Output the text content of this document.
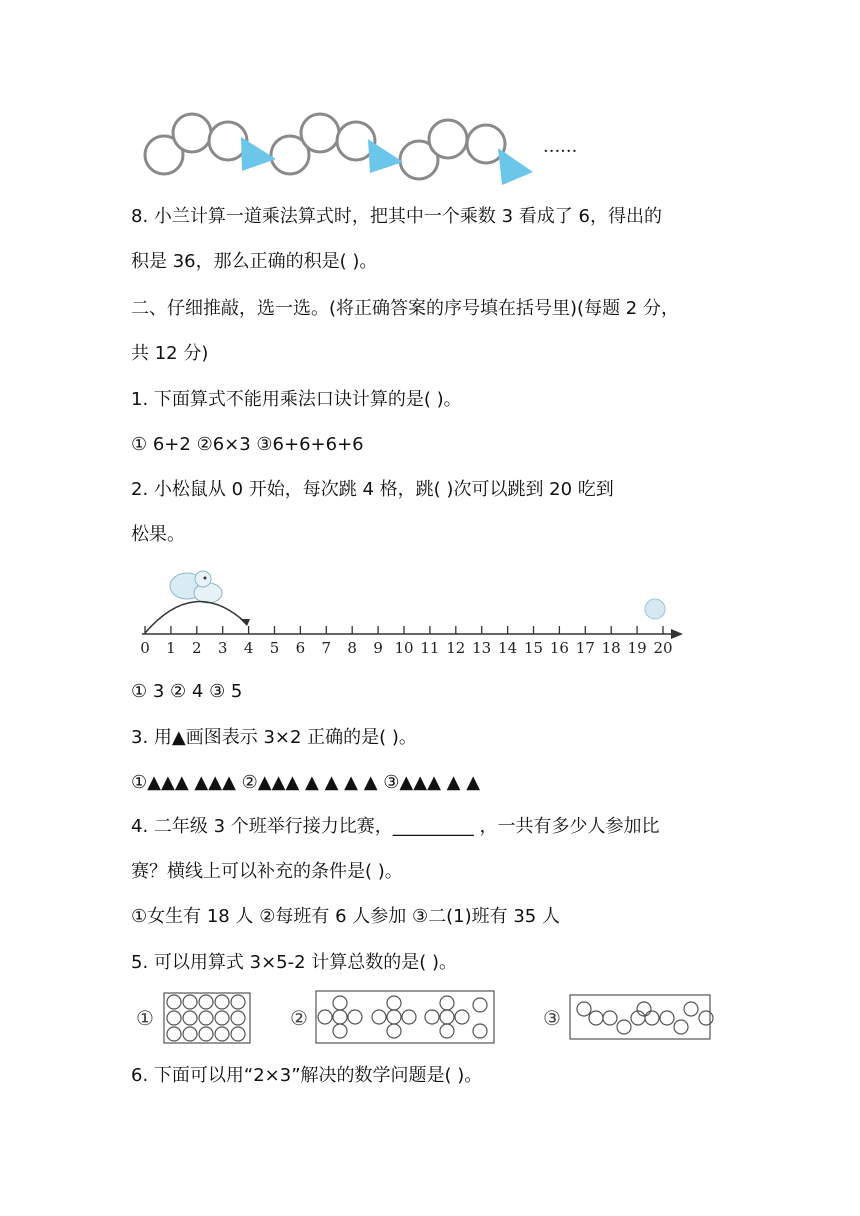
······
8. 小兰计算一道乘法算式时，把其中一个乘数 3 看成了 6，得出的
积是 36，那么正确的积是( )。
二、仔细推敲，选一选。(将正确答案的序号填在括号里)(每题 2 分，
共 12 分)
1. 下面算式不能用乘法口诀计算的是( )。
① 6+2 ②6×3 ③6+6+6+6
2. 小松鼠从 0 开始，每次跳 4 格，跳( )次可以跳到 20 吃到
松果。
0 1 2 3 4 5 6 7 8 9 10 11 12 13 14 15 16 17 18 19 20
① 3 ② 4 ③ 5
3. 用▲画图表示 3×2 正确的是( )。
①▲▲▲ ▲▲▲ ②▲▲▲ ▲ ▲ ▲ ▲ ③▲▲▲ ▲ ▲
4. 二年级 3 个班举行接力比赛，_________ ，一共有多少人参加比
赛？横线上可以补充的条件是( )。
①女生有 18 人 ②每班有 6 人参加 ③二(1)班有 35 人
5. 可以用算式 3×5-2 计算总数的是( )。
①	②	③
6. 下面可以用“2×3”解决的数学问题是( )。
